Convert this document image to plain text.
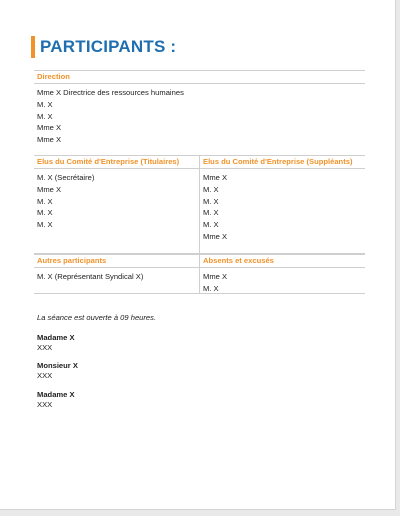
PARTICIPANTS :
Direction
Mme X Directrice des ressources humaines
M. X
M. X
Mme X
Mme X
Elus du Comité d'Entreprise (Titulaires)
M. X (Secrétaire)
Mme X
M. X
M. X
M. X
Elus du Comité d'Entreprise (Suppléants)
Mme X
M. X
M. X
M. X
M. X
Mme X
Autres participants
M. X (Représentant Syndical X)
Absents et excusés
Mme X
M. X
La séance est ouverte à 09 heures.
Madame X
XXX
Monsieur X
XXX
Madame X
XXX
